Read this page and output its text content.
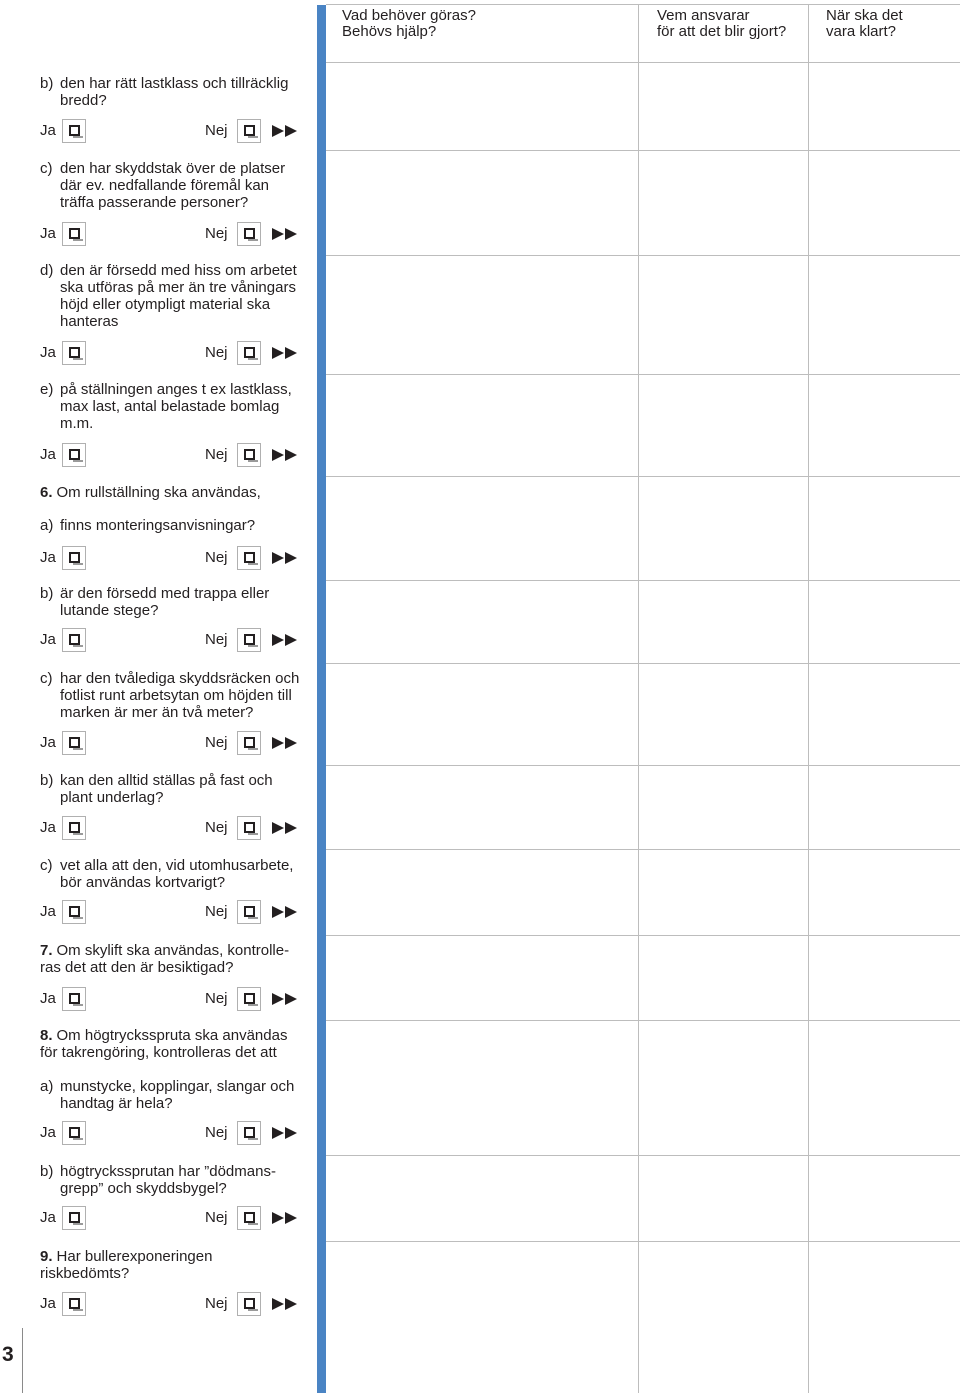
Vad behöver göras?
Behövs hjälp?
Vem ansvarar
för att det blir gjort?
När ska det
vara klart?
b) den har rätt lastklass och tillräcklig
bredd?
Ja	Nej
c) den har skyddstak över de platser
där ev. nedfallande föremål kan
träffa passerande personer?
Ja	Nej
d) den är försedd med hiss om arbetet
ska utföras på mer än tre våningars
höjd eller otympligt material ska
hanteras
Ja	Nej
e) på ställningen anges t ex lastklass,
max last, antal belastade bomlag
m.m.
Ja	Nej
6. Om rullställning ska användas,
a) finns monteringsanvisningar?
Ja	Nej
b) är den försedd med trappa eller
lutande stege?
Ja	Nej
c) har den tvålediga skyddsräcken och
fotlist runt arbetsytan om höjden till
marken är mer än två meter?
Ja	Nej
b) kan den alltid ställas på fast och
plant underlag?
Ja	Nej
c) vet alla att den, vid utomhusarbete,
bör användas kortvarigt?
Ja	Nej
7. Om skylift ska användas, kontrolle-
ras det att den är besiktigad?
Ja	Nej
8. Om högtrycksspruta ska användas
för takrengöring, kontrolleras det att
a) munstycke, kopplingar, slangar och
handtag är hela?
Ja	Nej
b) högtryckssprutan har ”dödmans-
grepp” och skyddsbygel?
Ja	Nej
9. Har bullerexponeringen
riskbedömts?
Ja	Nej
3
